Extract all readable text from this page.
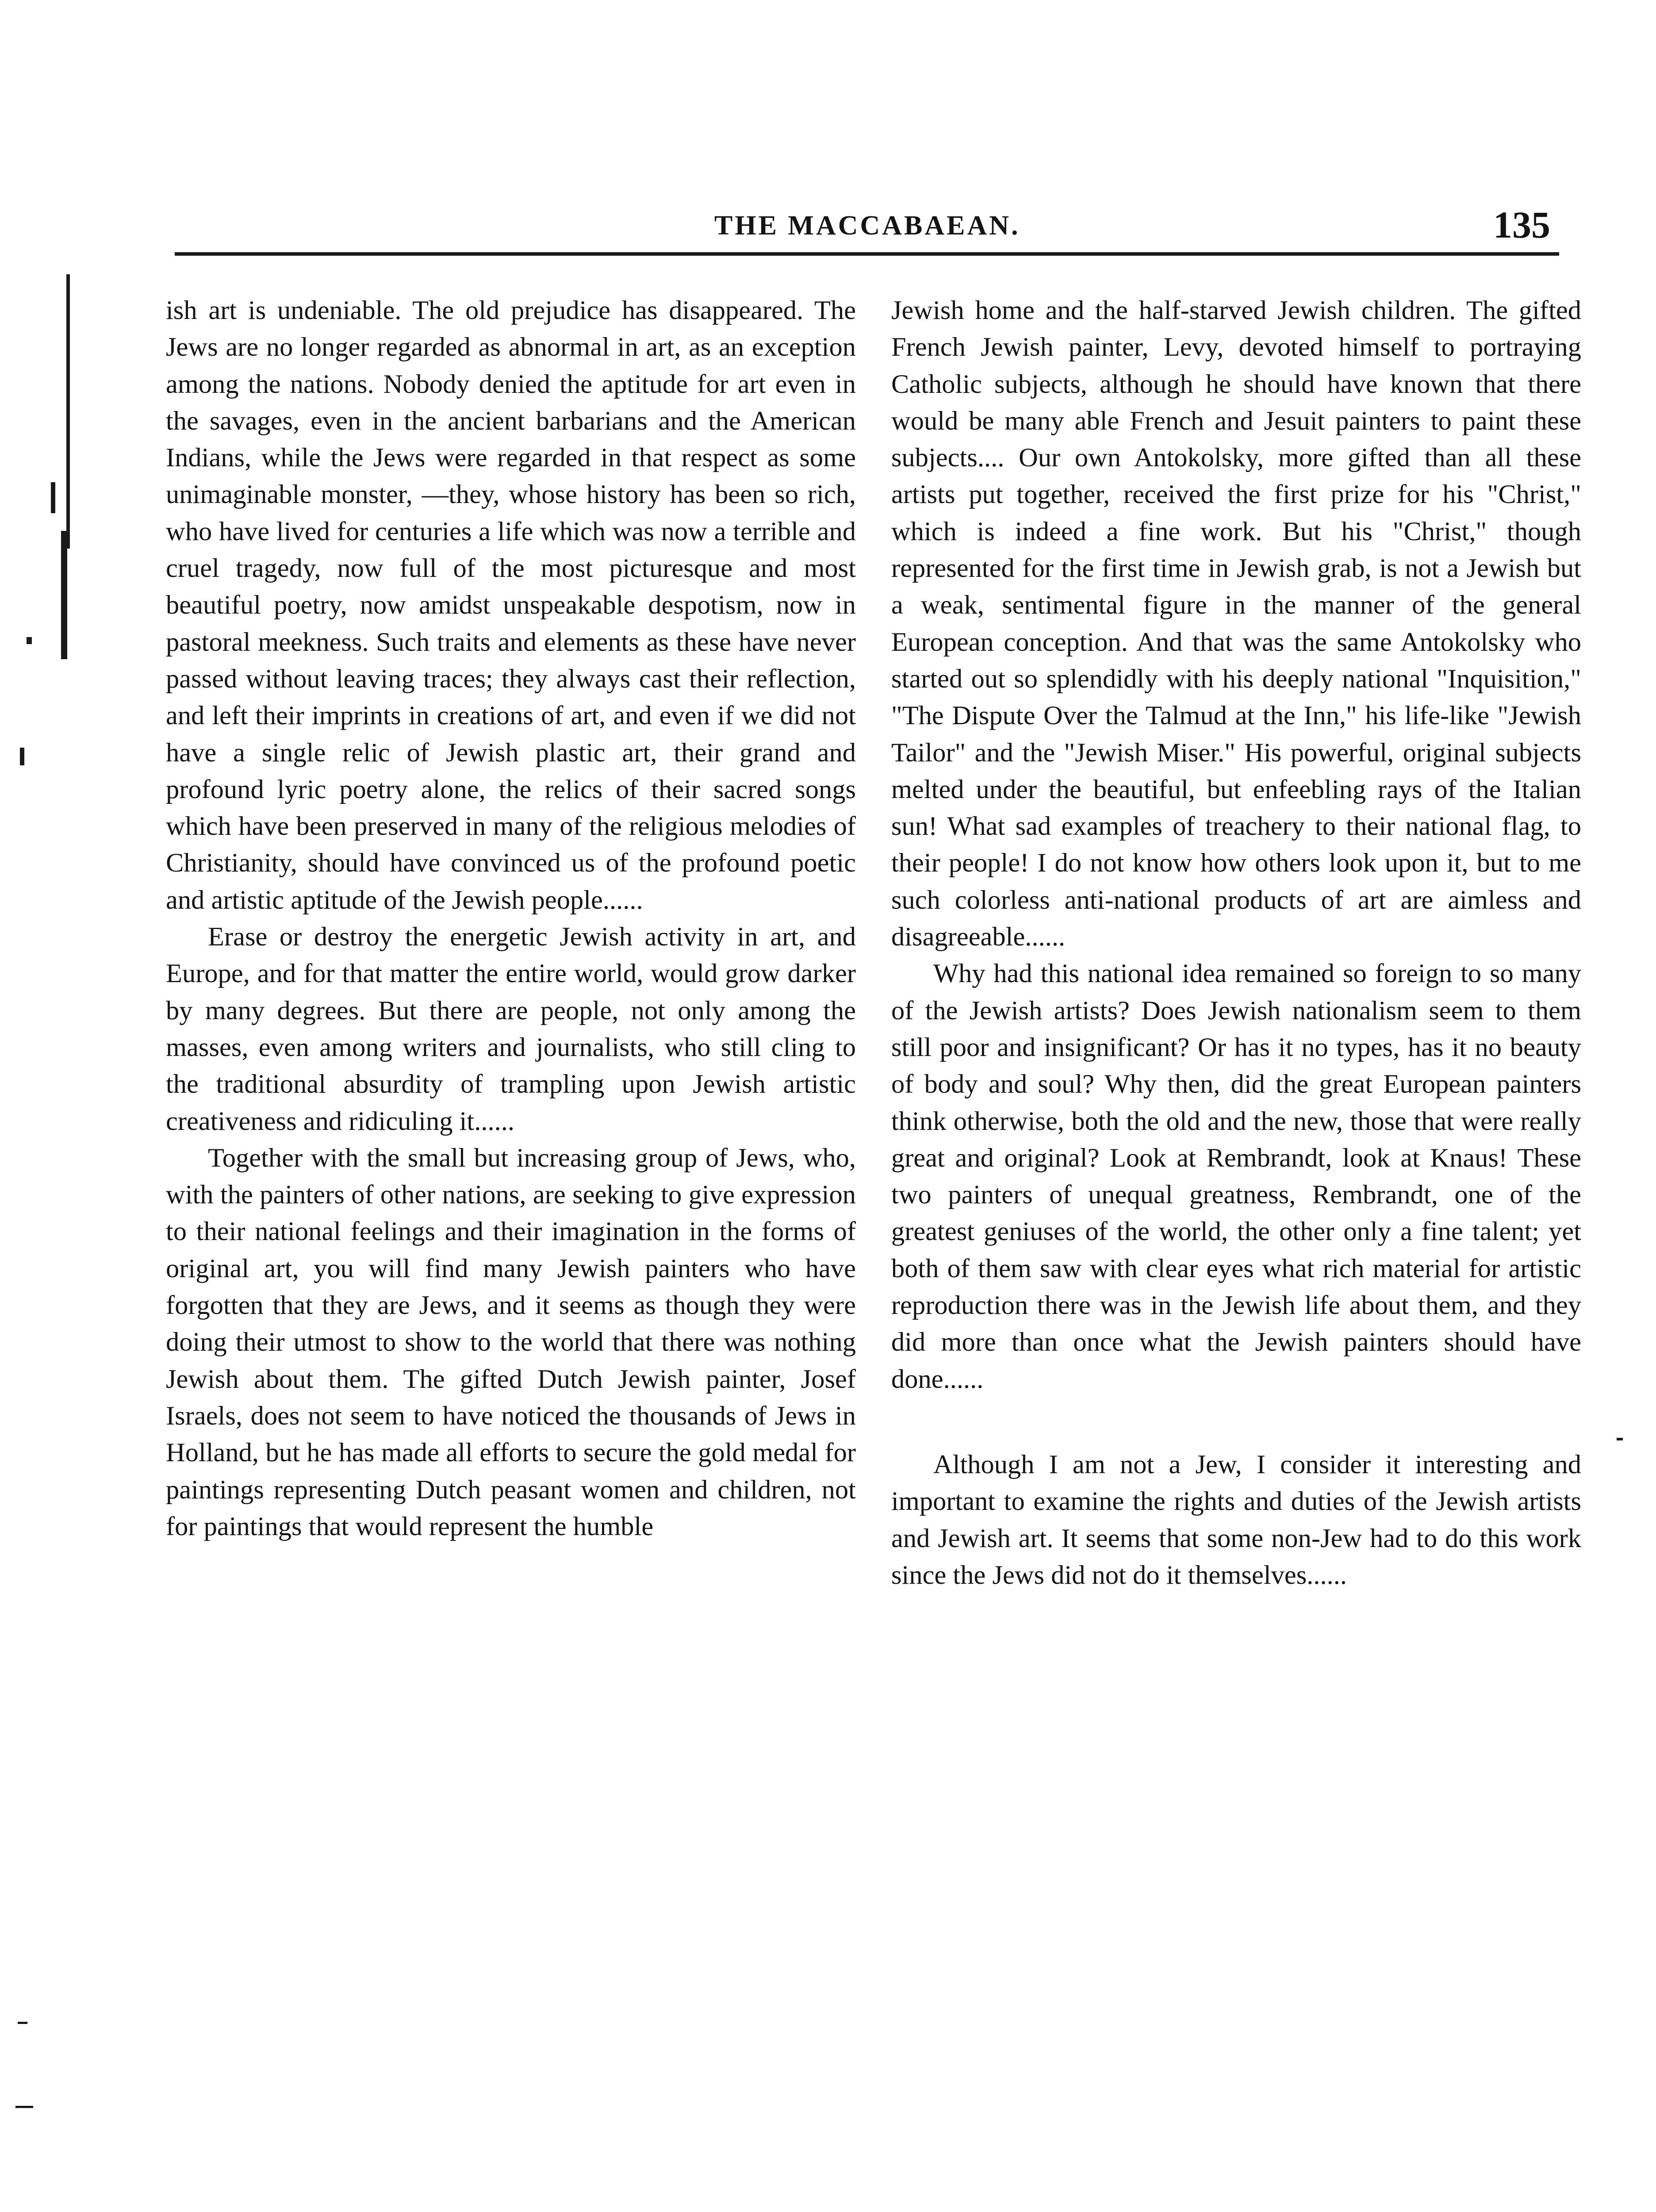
THE MACCABAEAN.	135

ish art is undeniable. The old prejudice has disappeared. The Jews are no longer regarded as abnormal in art, as an exception among the nations. Nobody denied the aptitude for art even in the savages, even in the ancient barbarians and the American Indians, while the Jews were regarded in that respect as some unimaginable monster, —they, whose history has been so rich, who have lived for centuries a life which was now a terrible and cruel tragedy, now full of the most picturesque and most beautiful poetry, now amidst unspeakable despotism, now in pastoral meekness. Such traits and elements as these have never passed without leaving traces; they always cast their reflection, and left their imprints in creations of art, and even if we did not have a single relic of Jewish plastic art, their grand and profound lyric poetry alone, the relics of their sacred songs which have been preserved in many of the religious melodies of Christianity, should have convinced us of the profound poetic and artistic aptitude of the Jewish people......

Erase or destroy the energetic Jewish activity in art, and Europe, and for that matter the entire world, would grow darker by many degrees. But there are people, not only among the masses, even among writers and journalists, who still cling to the traditional absurdity of trampling upon Jewish artistic creativeness and ridiculing it......

Together with the small but increasing group of Jews, who, with the painters of other nations, are seeking to give expression to their national feelings and their imagination in the forms of original art, you will find many Jewish painters who have forgotten that they are Jews, and it seems as though they were doing their utmost to show to the world that there was nothing Jewish about them. The gifted Dutch Jewish painter, Josef Israels, does not seem to have noticed the thousands of Jews in Holland, but he has made all efforts to secure the gold medal for paintings representing Dutch peasant women and children, not for paintings that would represent the humble

Jewish home and the half-starved Jewish children. The gifted French Jewish painter, Levy, devoted himself to portraying Catholic subjects, although he should have known that there would be many able French and Jesuit painters to paint these subjects.... Our own Antokolsky, more gifted than all these artists put together, received the first prize for his "Christ," which is indeed a fine work. But his "Christ," though represented for the first time in Jewish grab, is not a Jewish but a weak, sentimental figure in the manner of the general European conception. And that was the same Antokolsky who started out so splendidly with his deeply national "Inquisition," "The Dispute Over the Talmud at the Inn," his life-like "Jewish Tailor" and the "Jewish Miser." His powerful, original subjects melted under the beautiful, but enfeebling rays of the Italian sun! What sad examples of treachery to their national flag, to their people! I do not know how others look upon it, but to me such colorless anti-national products of art are aimless and disagreeable......

Why had this national idea remained so foreign to so many of the Jewish artists? Does Jewish nationalism seem to them still poor and insignificant? Or has it no types, has it no beauty of body and soul? Why then, did the great European painters think otherwise, both the old and the new, those that were really great and original? Look at Rembrandt, look at Knaus! These two painters of unequal greatness, Rembrandt, one of the greatest geniuses of the world, the other only a fine talent; yet both of them saw with clear eyes what rich material for artistic reproduction there was in the Jewish life about them, and they did more than once what the Jewish painters should have done......

Although I am not a Jew, I consider it interesting and important to examine the rights and duties of the Jewish artists and Jewish art. It seems that some non-Jew had to do this work since the Jews did not do it themselves......
